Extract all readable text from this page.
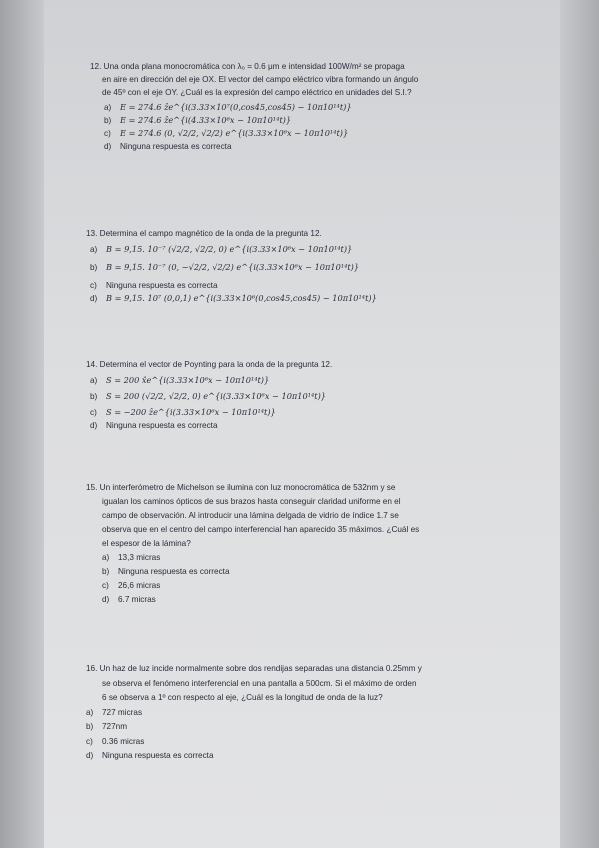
12. Una onda plana monocromática con λ₀ = 0.6 μm e intensidad 100W/m² se propaga

en aire en dirección del eje OX. El vector del campo eléctrico vibra formando un ángulo

de 45º con el eje OY. ¿Cuál es la expresión del campo eléctrico en unidades del S.I.?

a) E = 274.6 ẑe^{i(3.33×10⁷(0,cos45,cos45) − 10π10¹⁴t)}

b) E = 274.6 ẑe^{i(4.33×10⁶x − 10π10¹⁴t)}

c) E = 274.6 (0, √2/2, √2/2) e^{i(3.33×10⁶x − 10π10¹⁴t)}

d) Ninguna respuesta es correcta

13. Determina el campo magnético de la onda de la pregunta 12.

a) B = 9,15. 10⁻⁷ (√2/2, √2/2, 0) e^{i(3.33×10⁶x − 10π10¹⁴t)}

b) B = 9,15. 10⁻⁷ (0, −√2/2, √2/2) e^{i(3.33×10⁶x − 10π10¹⁴t)}

c) Ninguna respuesta es correcta

d) B = 9,15. 10⁷ (0,0,1) e^{i(3.33×10⁶(0,cos45,cos45) − 10π10¹⁴t)}

14. Determina el vector de Poynting para la onda de la pregunta 12.

a) S = 200 x̂e^{i(3.33×10⁶x − 10π10¹⁴t)}

b) S = 200 (√2/2, √2/2, 0) e^{i(3.33×10⁶x − 10π10¹⁴t)}

c) S = −200 ẑe^{i(3.33×10⁶x − 10π10¹⁴t)}

d) Ninguna respuesta es correcta

15. Un interferómetro de Michelson se ilumina con luz monocromática de 532nm y se

igualan los caminos ópticos de sus brazos hasta conseguir claridad uniforme en el

campo de observación. Al introducir una lámina delgada de vidrio de índice 1.7 se

observa que en el centro del campo interferencial han aparecido 35 máximos. ¿Cuál es

el espesor de la lámina?

a) 13,3 micras

b) Ninguna respuesta es correcta

c) 26,6 micras

d) 6.7 micras

16. Un haz de luz incide normalmente sobre dos rendijas separadas una distancia 0.25mm y

se observa el fenómeno interferencial en una pantalla a 500cm. Si el máximo de orden

6 se observa a 1º con respecto al eje, ¿Cuál es la longitud de onda de la luz?

a) 727 micras

b) 727nm

c) 0.36 micras

d) Ninguna respuesta es correcta
